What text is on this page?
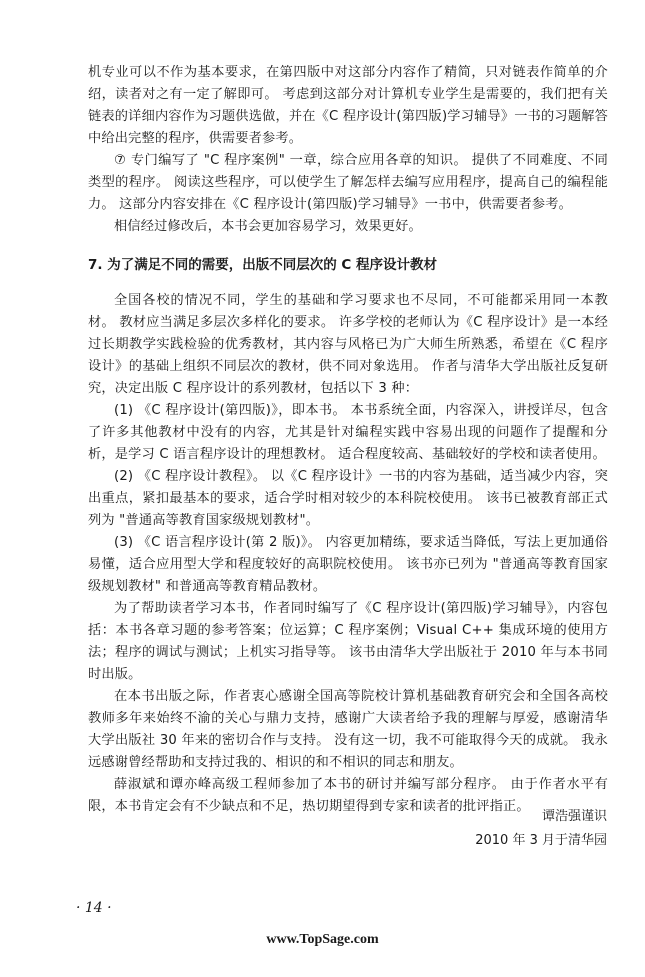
机专业可以不作为基本要求，在第四版中对这部分内容作了精简，只对链表作简单的介绍，读者对之有一定了解即可。 考虑到这部分对计算机专业学生是需要的，我们把有关链表的详细内容作为习题供选做，并在《C 程序设计(第四版)学习辅导》一书的习题解答中给出完整的程序，供需要者参考。

⑦ 专门编写了 "C 程序案例" 一章，综合应用各章的知识。 提供了不同难度、不同类型的程序。 阅读这些程序，可以使学生了解怎样去编写应用程序，提高自己的编程能力。 这部分内容安排在《C 程序设计(第四版)学习辅导》一书中，供需要者参考。

相信经过修改后，本书会更加容易学习，效果更好。

7. 为了满足不同的需要，出版不同层次的 C 程序设计教材

全国各校的情况不同，学生的基础和学习要求也不尽同，不可能都采用同一本教材。 教材应当满足多层次多样化的要求。 许多学校的老师认为《C 程序设计》是一本经过长期教学实践检验的优秀教材，其内容与风格已为广大师生所熟悉，希望在《C 程序设计》的基础上组织不同层次的教材，供不同对象选用。 作者与清华大学出版社反复研究，决定出版 C 程序设计的系列教材，包括以下 3 种：

(1) 《C 程序设计(第四版)》，即本书。 本书系统全面，内容深入，讲授详尽，包含了许多其他教材中没有的内容，尤其是针对编程实践中容易出现的问题作了提醒和分析，是学习 C 语言程序设计的理想教材。 适合程度较高、基础较好的学校和读者使用。

(2) 《C 程序设计教程》。 以《C 程序设计》一书的内容为基础，适当减少内容，突出重点，紧扣最基本的要求，适合学时相对较少的本科院校使用。 该书已被教育部正式列为 "普通高等教育国家级规划教材"。

(3) 《C 语言程序设计(第 2 版)》。 内容更加精练，要求适当降低，写法上更加通俗易懂，适合应用型大学和程度较好的高职院校使用。 该书亦已列为 "普通高等教育国家级规划教材" 和普通高等教育精品教材。

为了帮助读者学习本书，作者同时编写了《C 程序设计(第四版)学习辅导》，内容包括：本书各章习题的参考答案；位运算；C 程序案例；Visual C++ 集成环境的使用方法；程序的调试与测试；上机实习指导等。 该书由清华大学出版社于 2010 年与本书同时出版。

在本书出版之际，作者衷心感谢全国高等院校计算机基础教育研究会和全国各高校教师多年来始终不渝的关心与鼎力支持，感谢广大读者给予我的理解与厚爱，感谢清华大学出版社 30 年来的密切合作与支持。 没有这一切，我不可能取得今天的成就。 我永远感谢曾经帮助和支持过我的、相识的和不相识的同志和朋友。

薛淑斌和谭亦峰高级工程师参加了本书的研讨并编写部分程序。 由于作者水平有限，本书肯定会有不少缺点和不足，热切期望得到专家和读者的批评指正。

谭浩强谨识
2010 年 3 月于清华园
· 14 ·
www.TopSage.com
